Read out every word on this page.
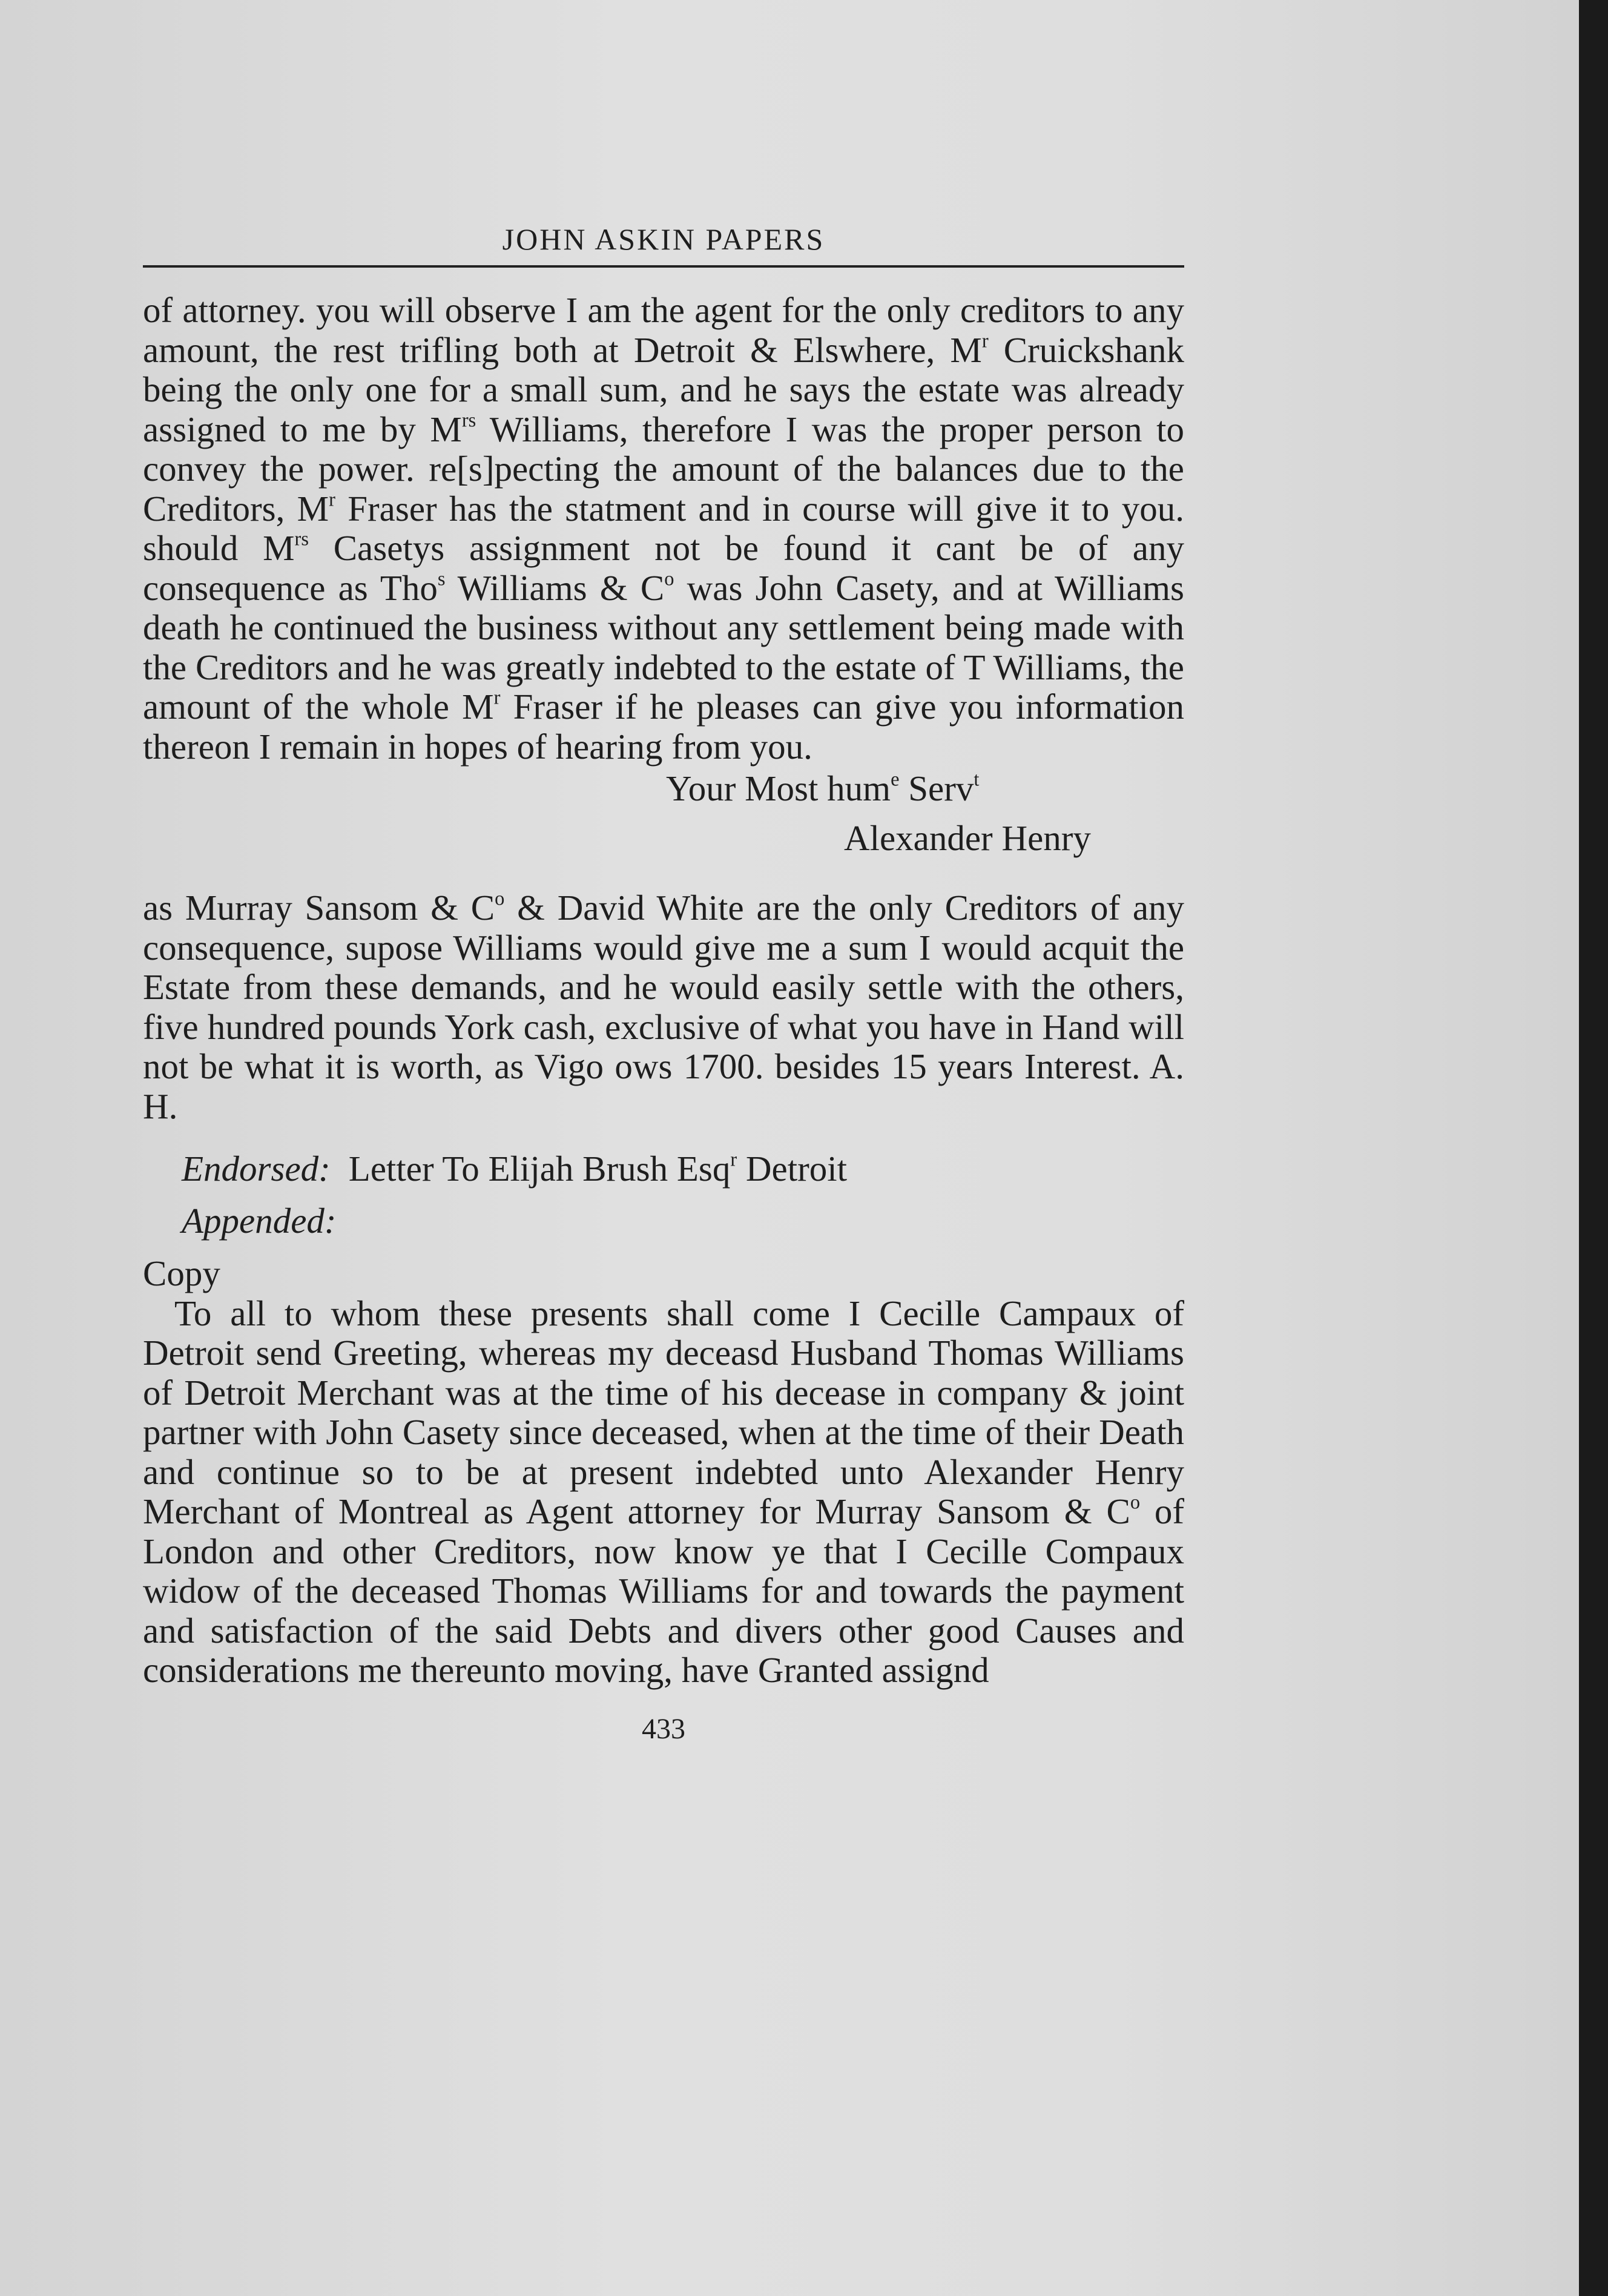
JOHN ASKIN PAPERS

of attorney. you will observe I am the agent for the only creditors to any amount, the rest trifling both at Detroit & Elswhere, $M^r$ Cruickshank being the only one for a small sum, and he says the estate was already assigned to me by $M^{rs}$ Williams, therefore I was the proper person to convey the power. re[s]pecting the amount of the balances due to the Creditors, $M^r$ Fraser has the statment and in course will give it to you. should $M^{rs}$ Casetys assignment not be found it cant be of any consequence as Tho$^s$ Williams & $C^o$ was John Casety, and at Williams death he continued the business without any settlement being made with the Creditors and he was greatly indebted to the estate of T Williams, the amount of the whole $M^r$ Fraser if he pleases can give you information thereon I remain in hopes of hearing from you.

Your Most hum$^e$ Serv$^t$

Alexander Henry

as Murray Sansom & $C^o$ & David White are the only Creditors of any consequence, supose Williams would give me a sum I would acquit the Estate from these demands, and he would easily settle with the others, five hundred pounds York cash, exclusive of what you have in Hand will not be what it is worth, as Vigo ows 1700. besides 15 years Interest. A. H.

Endorsed: Letter To Elijah Brush Esq$^r$ Detroit

Appended:

Copy

To all to whom these presents shall come I Cecille Campaux of Detroit send Greeting, whereas my deceasd Husband Thomas Williams of Detroit Merchant was at the time of his decease in company & joint partner with John Casety since deceased, when at the time of their Death and continue so to be at present indebted unto Alexander Henry Merchant of Montreal as Agent attorney for Murray Sansom & $C^o$ of London and other Creditors, now know ye that I Cecille Compaux widow of the deceased Thomas Williams for and towards the payment and satisfaction of the said Debts and divers other good Causes and considerations me thereunto moving, have Granted assignd

433
